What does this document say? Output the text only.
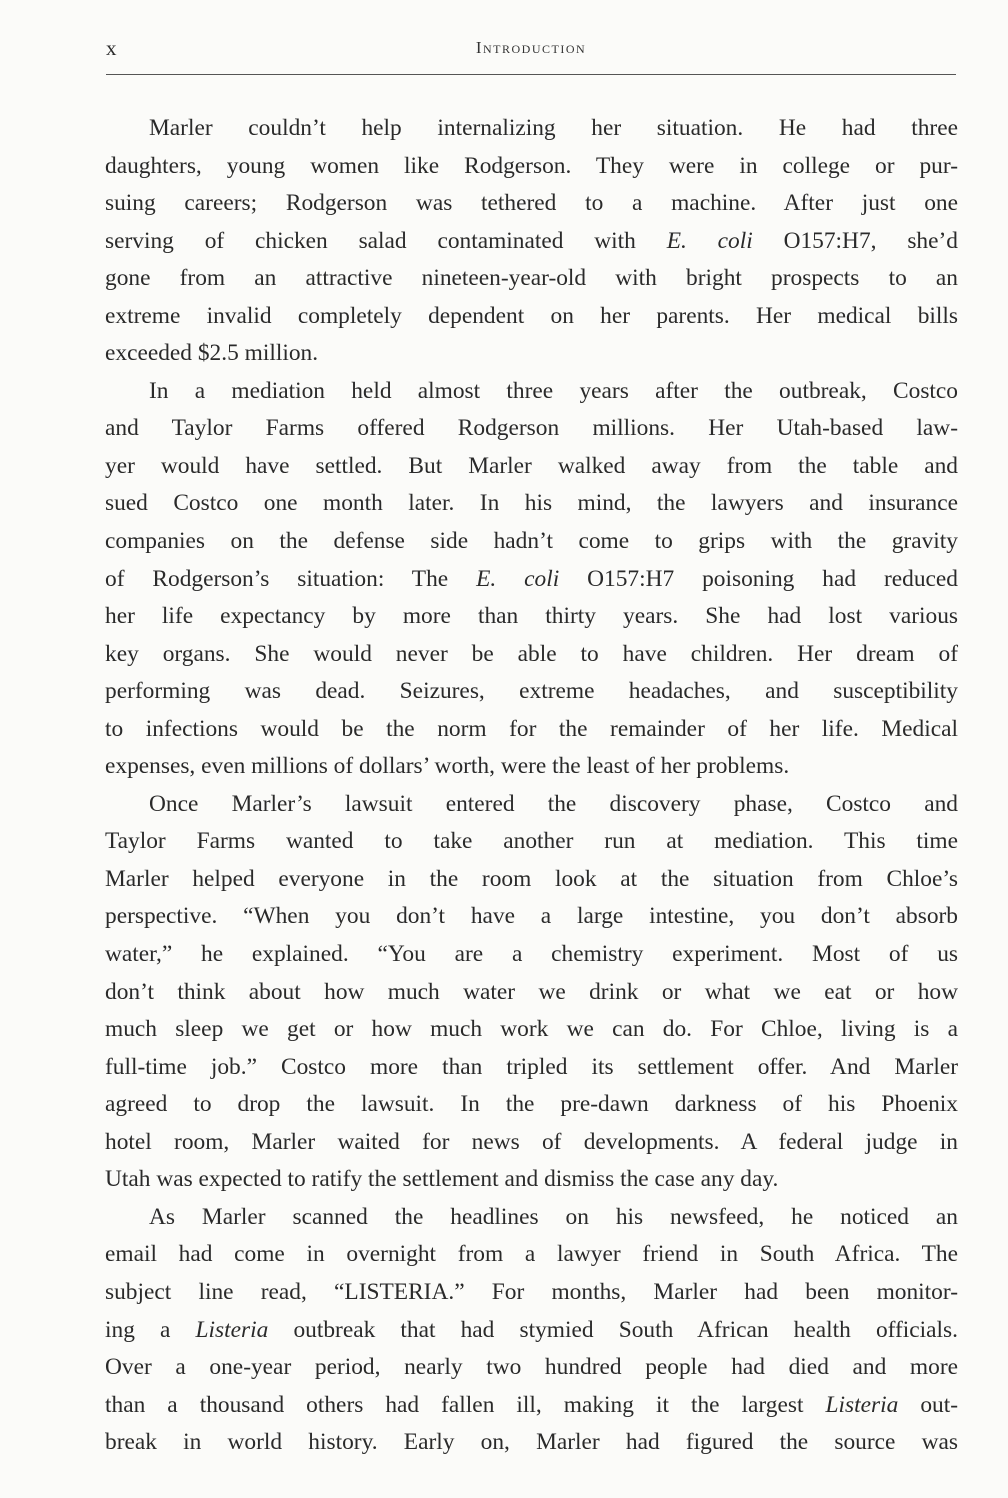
x	Introduction
Marler couldn’t help internalizing her situation. He had three
daughters, young women like Rodgerson. They were in college or pur-
suing careers; Rodgerson was tethered to a machine. After just one
serving of chicken salad contaminated with E. coli O157:H7, she’d
gone from an attractive nineteen-year-old with bright prospects to an
extreme invalid completely dependent on her parents. Her medical bills
exceeded $2.5 million.
In a mediation held almost three years after the outbreak, Costco
and Taylor Farms offered Rodgerson millions. Her Utah-based law-
yer would have settled. But Marler walked away from the table and
sued Costco one month later. In his mind, the lawyers and insurance
companies on the defense side hadn’t come to grips with the gravity
of Rodgerson’s situation: The E. coli O157:H7 poisoning had reduced
her life expectancy by more than thirty years. She had lost various
key organs. She would never be able to have children. Her dream of
performing was dead. Seizures, extreme headaches, and susceptibility
to infections would be the norm for the remainder of her life. Medical
expenses, even millions of dollars’ worth, were the least of her problems.
Once Marler’s lawsuit entered the discovery phase, Costco and
Taylor Farms wanted to take another run at mediation. This time
Marler helped everyone in the room look at the situation from Chloe’s
perspective. “When you don’t have a large intestine, you don’t absorb
water,” he explained. “You are a chemistry experiment. Most of us
don’t think about how much water we drink or what we eat or how
much sleep we get or how much work we can do. For Chloe, living is a
full-time job.” Costco more than tripled its settlement offer. And Marler
agreed to drop the lawsuit. In the pre-dawn darkness of his Phoenix
hotel room, Marler waited for news of developments. A federal judge in
Utah was expected to ratify the settlement and dismiss the case any day.
As Marler scanned the headlines on his newsfeed, he noticed an
email had come in overnight from a lawyer friend in South Africa. The
subject line read, “LISTERIA.” For months, Marler had been monitor-
ing a Listeria outbreak that had stymied South African health officials.
Over a one-year period, nearly two hundred people had died and more
than a thousand others had fallen ill, making it the largest Listeria out-
break in world history. Early on, Marler had figured the source was
